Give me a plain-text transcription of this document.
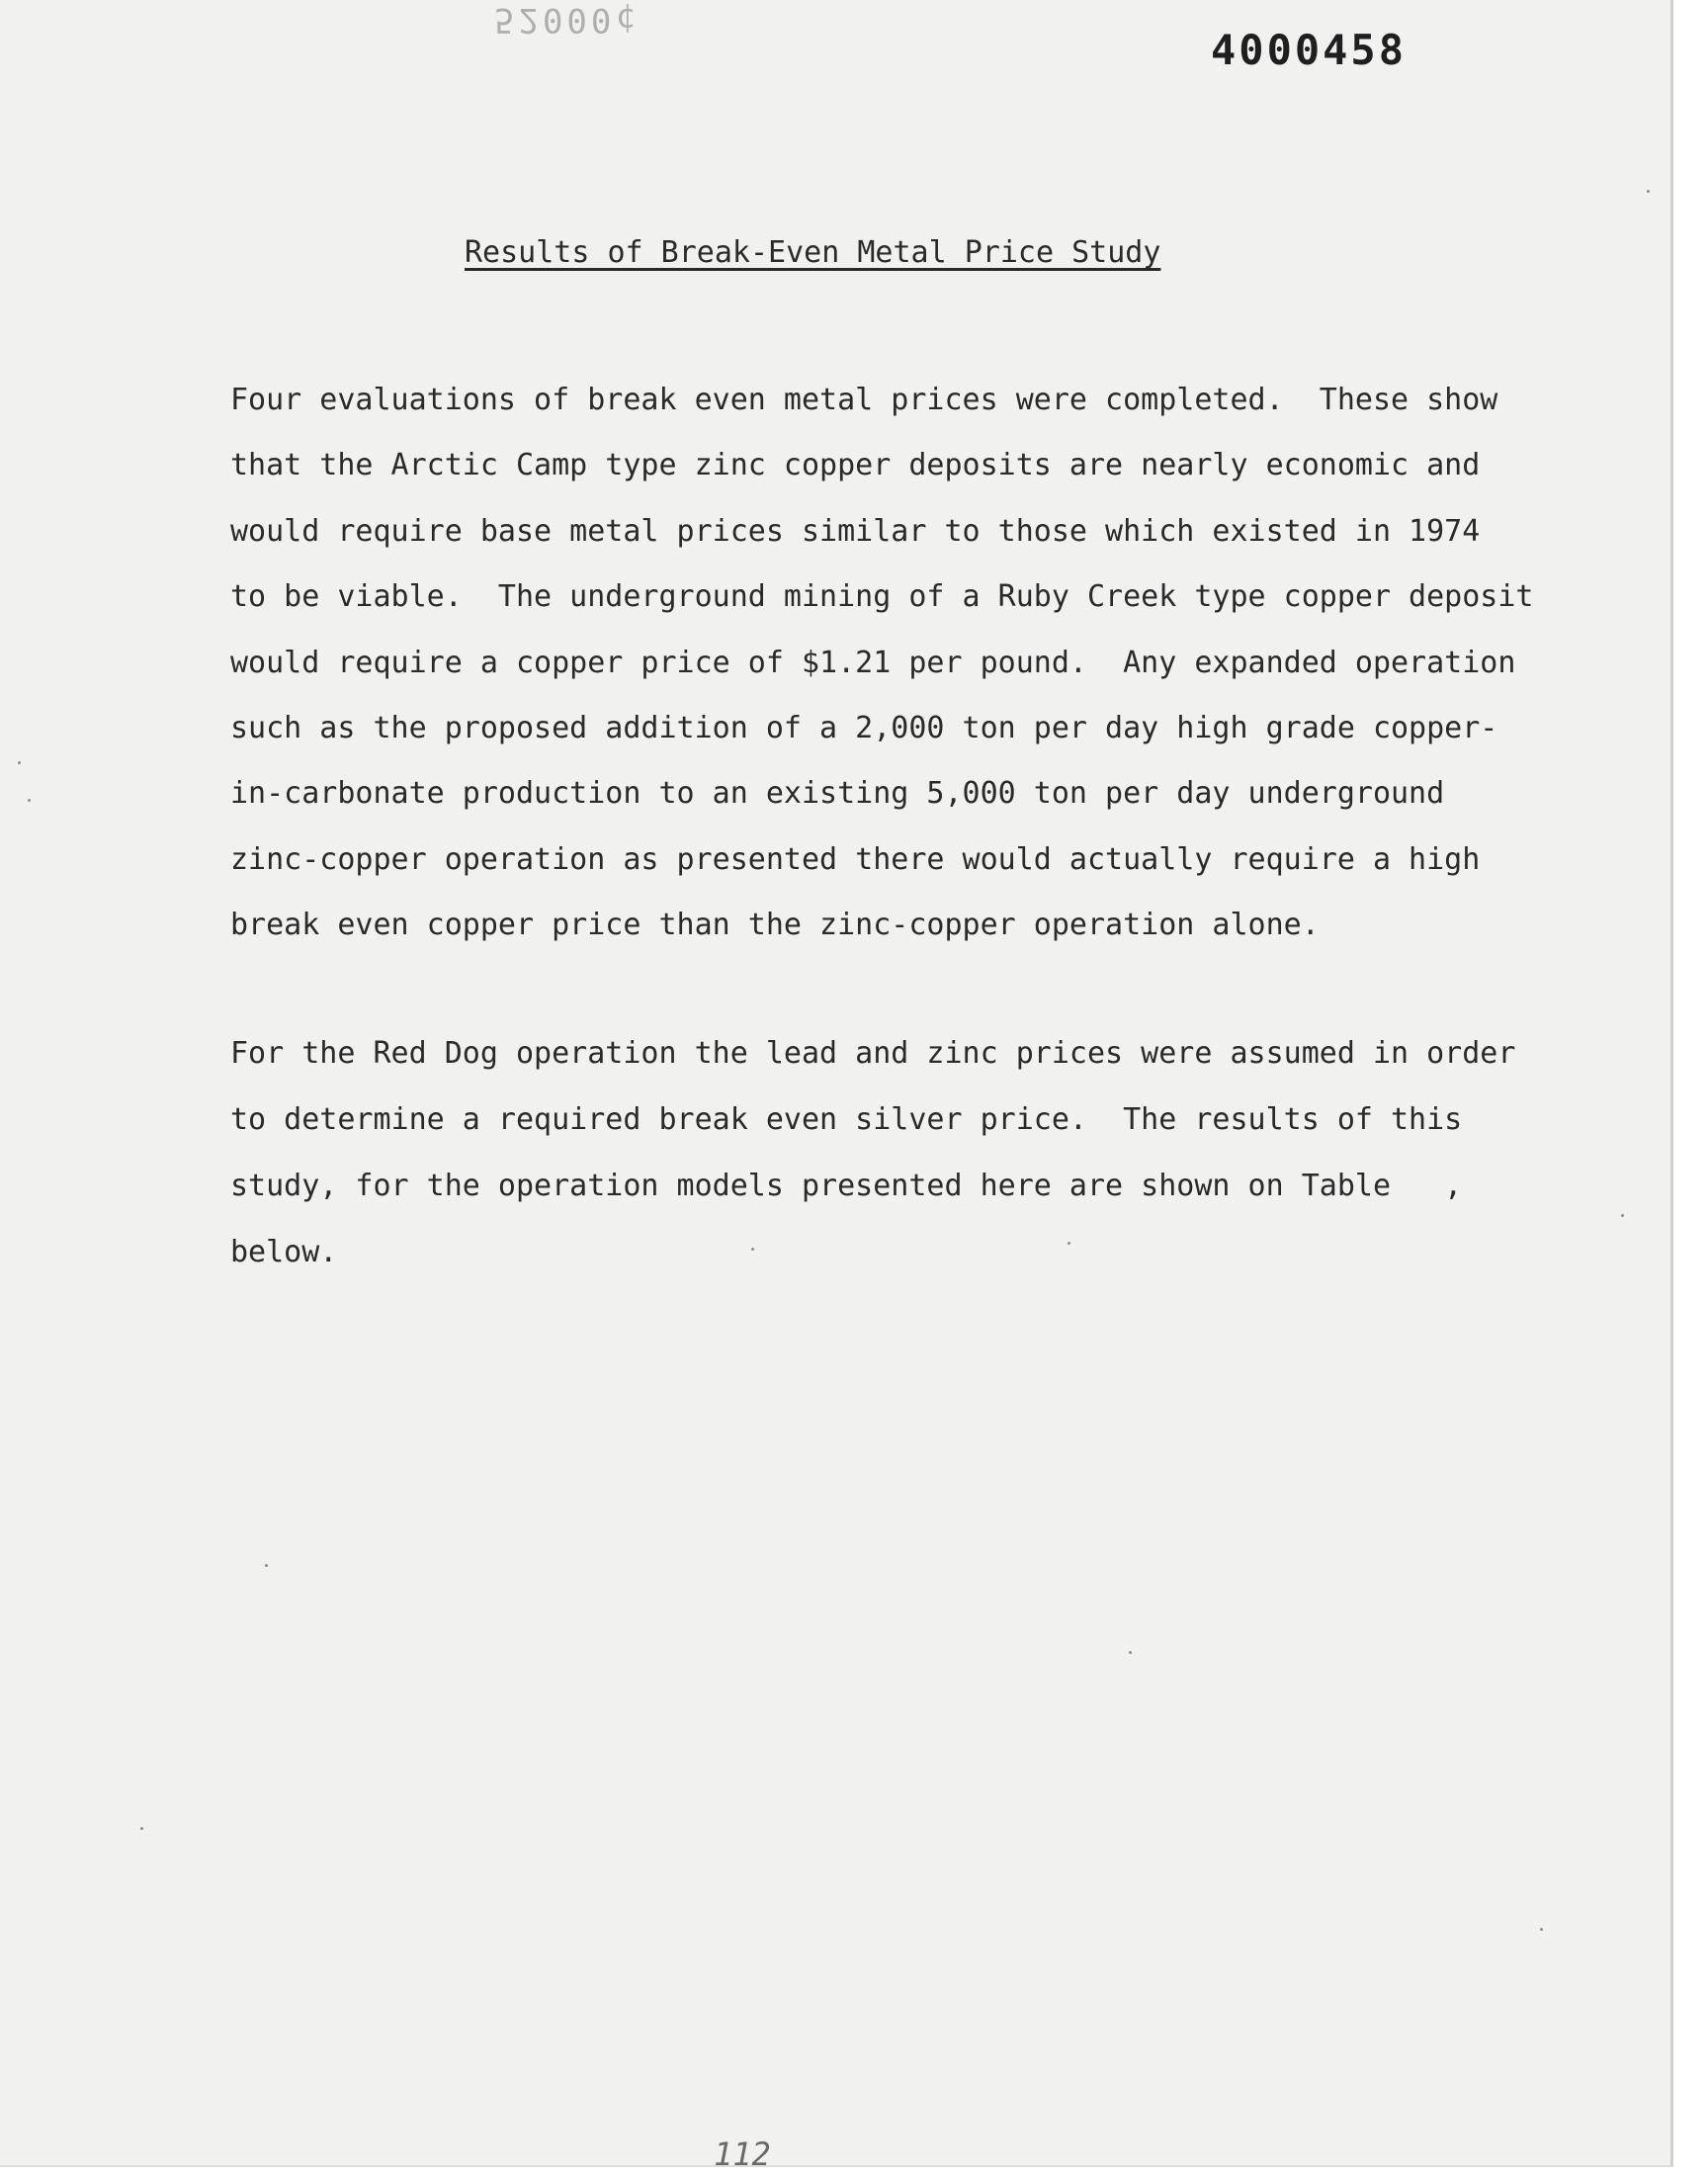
52000¢
4000458
Results of Break-Even Metal Price Study
Four evaluations of break even metal prices were completed.  These show
that the Arctic Camp type zinc copper deposits are nearly economic and
would require base metal prices similar to those which existed in 1974
to be viable.  The underground mining of a Ruby Creek type copper deposit
would require a copper price of $1.21 per pound.  Any expanded operation
such as the proposed addition of a 2,000 ton per day high grade copper-
in-carbonate production to an existing 5,000 ton per day underground
zinc-copper operation as presented there would actually require a high
break even copper price than the zinc-copper operation alone.
For the Red Dog operation the lead and zinc prices were assumed in order
to determine a required break even silver price.  The results of this
study, for the operation models presented here are shown on Table   ,
below.
112
